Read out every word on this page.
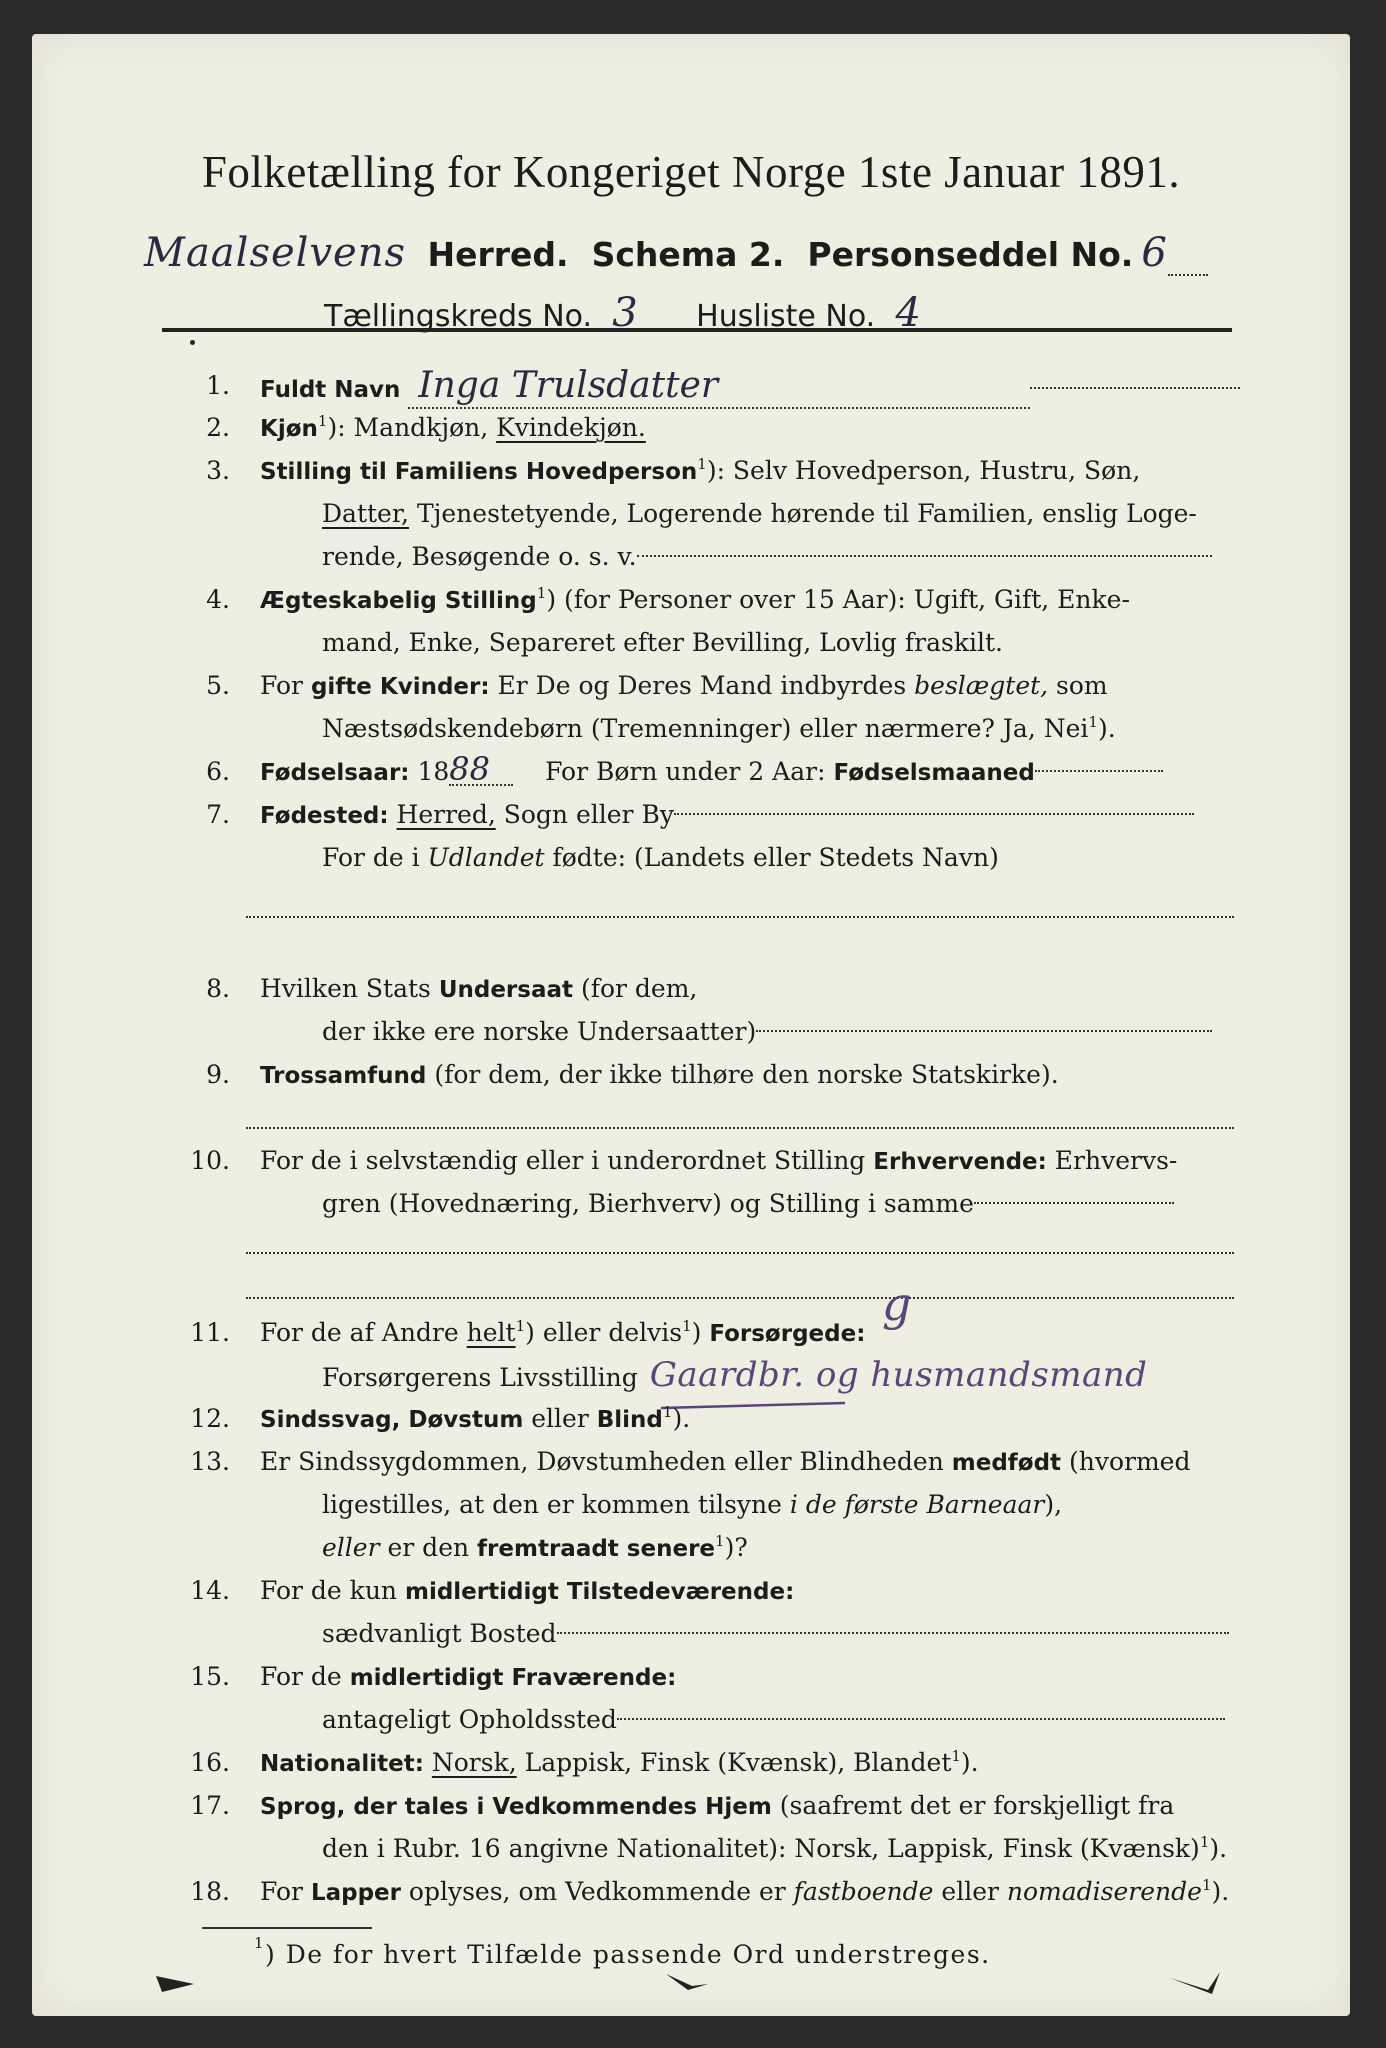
Folketælling for Kongeriget Norge 1ste Januar 1891.
Maalselvens Herred. Schema 2. Personseddel No. 6
Tællingskreds No. 3 Husliste No. 4
1. Fuldt Navn Inga Trulsdatter
2. Kjøn$^1$): Mandkjøn, Kvindekjøn.
3. Stilling til Familiens Hovedperson$^1$): Selv Hovedperson, Hustru, Søn,
Datter, Tjenestetyende, Logerende hørende til Familien, enslig Loge-
rende, Besøgende o. s. v.
4. Ægteskabelig Stilling$^1$) (for Personer over 15 Aar): Ugift, Gift, Enke-
mand, Enke, Separeret efter Bevilling, Lovlig fraskilt.
5. For gifte Kvinder: Er De og Deres Mand indbyrdes beslægtet, som
Næstsødskendebørn (Tremenninger) eller nærmere? Ja, Nei$^1$).
6. Fødselsaar: 1888 For Børn under 2 Aar: Fødselsmaaned
7. Fødested: Herred, Sogn eller By
For de i Udlandet fødte: (Landets eller Stedets Navn)
8. Hvilken Stats Undersaat (for dem,
der ikke ere norske Undersaatter)
9. Trossamfund (for dem, der ikke tilhøre den norske Statskirke).
10. For de i selvstændig eller i underordnet Stilling Erhvervende: Erhvervs-
gren (Hovednæring, Bierhverv) og Stilling i samme
11. For de af Andre helt$^1$) eller delvis$^1$) Forsørgede:
g
Forsørgerens Livsstilling Gaardbr. og husmandsmand
12. Sindssvag, Døvstum eller Blind$^1$).
13. Er Sindssygdommen, Døvstumheden eller Blindheden medfødt (hvormed
ligestilles, at den er kommen tilsyne i de første Barneaar),
eller er den fremtraadt senere$^1$)?
14. For de kun midlertidigt Tilstedeværende:
sædvanligt Bosted
15. For de midlertidigt Fraværende:
antageligt Opholdssted
16. Nationalitet: Norsk, Lappisk, Finsk (Kvænsk), Blandet$^1$).
17. Sprog, der tales i Vedkommendes Hjem (saafremt det er forskjelligt fra
den i Rubr. 16 angivne Nationalitet): Norsk, Lappisk, Finsk (Kvænsk)$^1$).
18. For Lapper oplyses, om Vedkommende er fastboende eller nomadiserende$^1$).
$^1$) De for hvert Tilfælde passende Ord understreges.
